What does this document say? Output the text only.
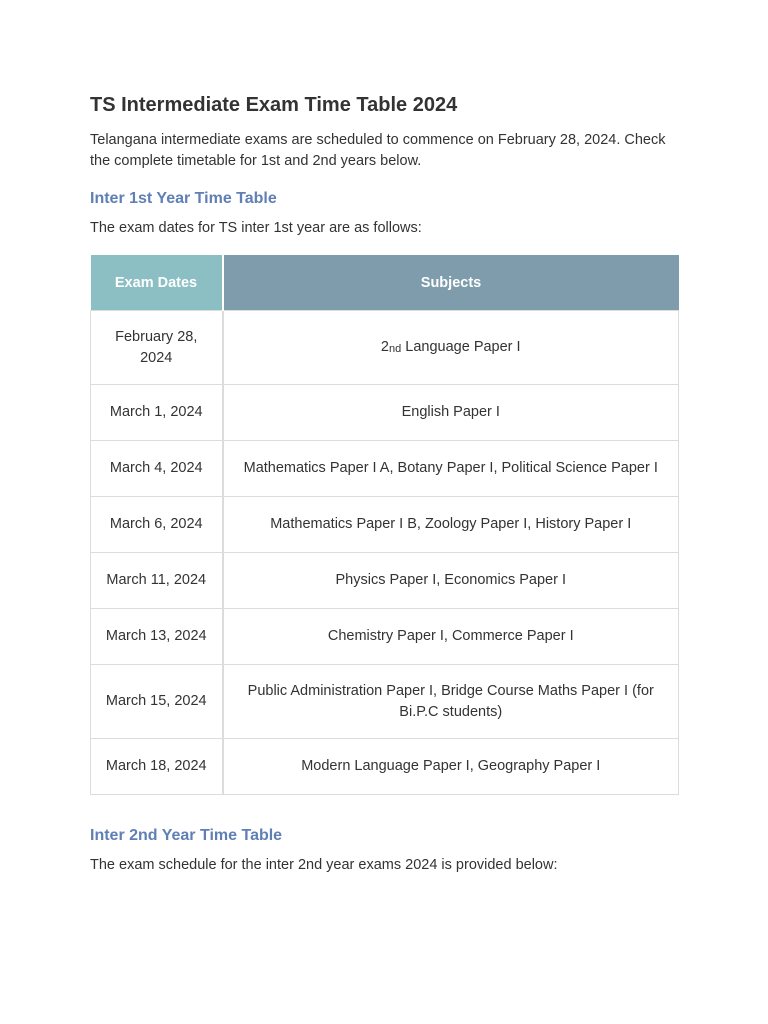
TS Intermediate Exam Time Table 2024

Telangana intermediate exams are scheduled to commence on February 28, 2024. Check the complete timetable for 1st and 2nd years below.

Inter 1st Year Time Table

The exam dates for TS inter 1st year are as follows:

Exam Dates	Subjects
February 28, 2024	2nd Language Paper I
March 1, 2024	English Paper I
March 4, 2024	Mathematics Paper I A, Botany Paper I, Political Science Paper I
March 6, 2024	Mathematics Paper I B, Zoology Paper I, History Paper I
March 11, 2024	Physics Paper I, Economics Paper I
March 13, 2024	Chemistry Paper I, Commerce Paper I
March 15, 2024	Public Administration Paper I, Bridge Course Maths Paper I (for Bi.P.C students)
March 18, 2024	Modern Language Paper I, Geography Paper I
Inter 2nd Year Time Table

The exam schedule for the inter 2nd year exams 2024 is provided below:
